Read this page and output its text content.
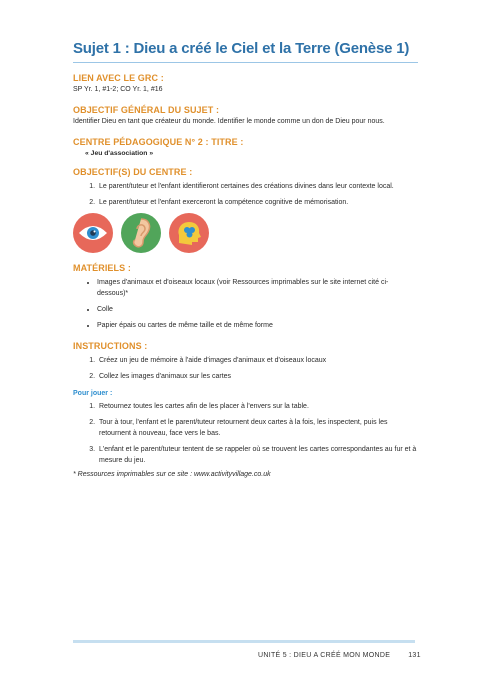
Sujet 1 : Dieu a créé le Ciel et la Terre (Genèse 1)
LIEN AVEC LE GRC :

SP Yr. 1, #1-2; CO Yr. 1, #16

OBJECTIF GÉNÉRAL DU SUJET :

Identifier Dieu en tant que créateur du monde. Identifier le monde comme un don de Dieu pour nous.

CENTRE PÉDAGOGIQUE N° 2 : TITRE :

« Jeu d'association »

OBJECTIF(S) DU CENTRE :
1. Le parent/tuteur et l'enfant identifieront certaines des créations divines dans leur contexte local.
2. Le parent/tuteur et l'enfant exerceront la compétence cognitive de mémorisation.
MATÉRIELS :
• Images d'animaux et d'oiseaux locaux (voir Ressources imprimables sur le site internet cité ci-dessous)*
• Colle
• Papier épais ou cartes de même taille et de même forme
INSTRUCTIONS :
1. Créez un jeu de mémoire à l'aide d'images d'animaux et d'oiseaux locaux
2. Collez les images d'animaux sur les cartes
Pour jouer :
1. Retournez toutes les cartes afin de les placer à l'envers sur la table.
2. Tour à tour, l'enfant et le parent/tuteur retournent deux cartes à la fois, les inspectent, puis les retournent à nouveau, face vers le bas.
3. L'enfant et le parent/tuteur tentent de se rappeler où se trouvent les cartes correspondantes au fur et à mesure du jeu.

* Ressources imprimables sur ce site : www.activityvillage.co.uk

UNITÉ 5 : DIEU A CRÉÉ MON MONDE	131
